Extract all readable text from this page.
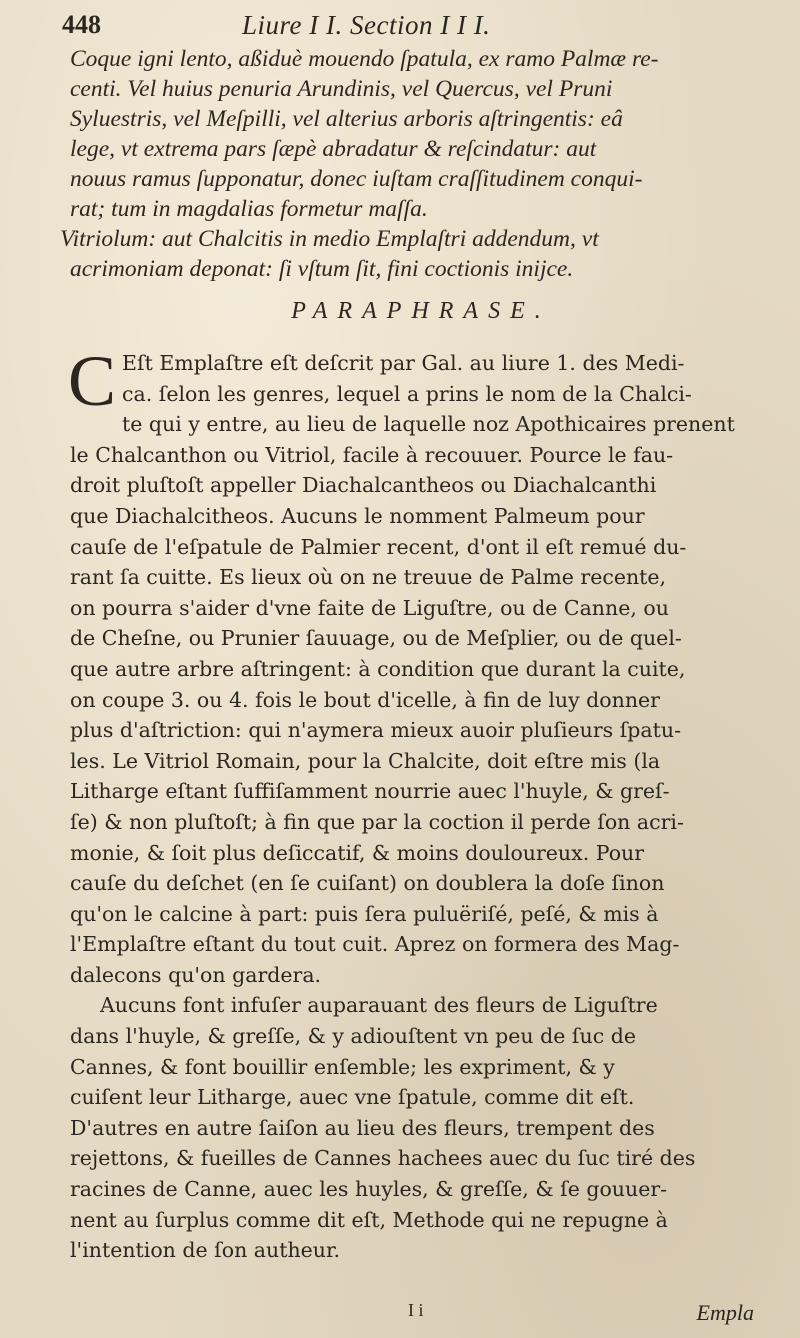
448	Liure I I. Section I I I.

Coque igni lento, aßiduè mouendo ſpatula, ex ramo Palmæ re-

centi. Vel huius penuria Arundinis, vel Quercus, vel Pruni

Syluestris, vel Meſpilli, vel alterius arboris aſtringentis: eâ

lege, vt extrema pars ſæpè abradatur & reſcindatur: aut

nouus ramus ſupponatur, donec iuſtam craſſitudinem conqui-

rat; tum in magdalias formetur maſſa.

Vitriolum: aut Chalcitis in medio Emplaſtri addendum, vt

acrimoniam deponat: ſi vſtum ſit, fini coctionis inijce.

PARAPHRASE.

C Eſt Emplaſtre eſt deſcrit par Gal. au liure 1. des Medi-

ca. ſelon les genres, lequel a prins le nom de la Chalci-

te qui y entre, au lieu de laquelle noz Apothicaires prenent

le Chalcanthon ou Vitriol, facile à recouuer. Pource le fau-

droit pluſtoſt appeller Diachalcantheos ou Diachalcanthi

que Diachalcitheos. Aucuns le nomment Palmeum pour

cauſe de l'eſpatule de Palmier recent, d'ont il eſt remué du-

rant ſa cuitte. Es lieux où on ne treuue de Palme recente,

on pourra s'aider d'vne faite de Liguſtre, ou de Canne, ou

de Cheſne, ou Prunier ſauuage, ou de Meſplier, ou de quel-

que autre arbre aſtringent: à condition que durant la cuite,

on coupe 3. ou 4. fois le bout d'icelle, à fin de luy donner

plus d'aſtriction: qui n'aymera mieux auoir pluſieurs ſpatu-

les. Le Vitriol Romain, pour la Chalcite, doit eſtre mis (la

Litharge eſtant ſuffiſamment nourrie auec l'huyle, & greſ-

ſe) & non pluſtoſt; à fin que par la coction il perde ſon acri-

monie, & ſoit plus deſiccatif, & moins douloureux. Pour

cauſe du deſchet (en ſe cuiſant) on doublera la doſe ſinon

qu'on le calcine à part: puis ſera puluëriſé, peſé, & mis à

l'Emplaſtre eſtant du tout cuit. Aprez on formera des Mag-

dalecons qu'on gardera.

Aucuns font infuſer auparauant des fleurs de Liguſtre

dans l'huyle, & greſſe, & y adiouſtent vn peu de ſuc de

Cannes, & font bouillir enſemble; les expriment, & y

cuiſent leur Litharge, auec vne ſpatule, comme dit eſt.

D'autres en autre ſaiſon au lieu des fleurs, trempent des

rejettons, & fueilles de Cannes hachees auec du ſuc tiré des

racines de Canne, auec les huyles, & greſſe, & ſe gouuer-

nent au ſurplus comme dit eſt, Methode qui ne repugne à

l'intention de ſon autheur.

I i	Empla
